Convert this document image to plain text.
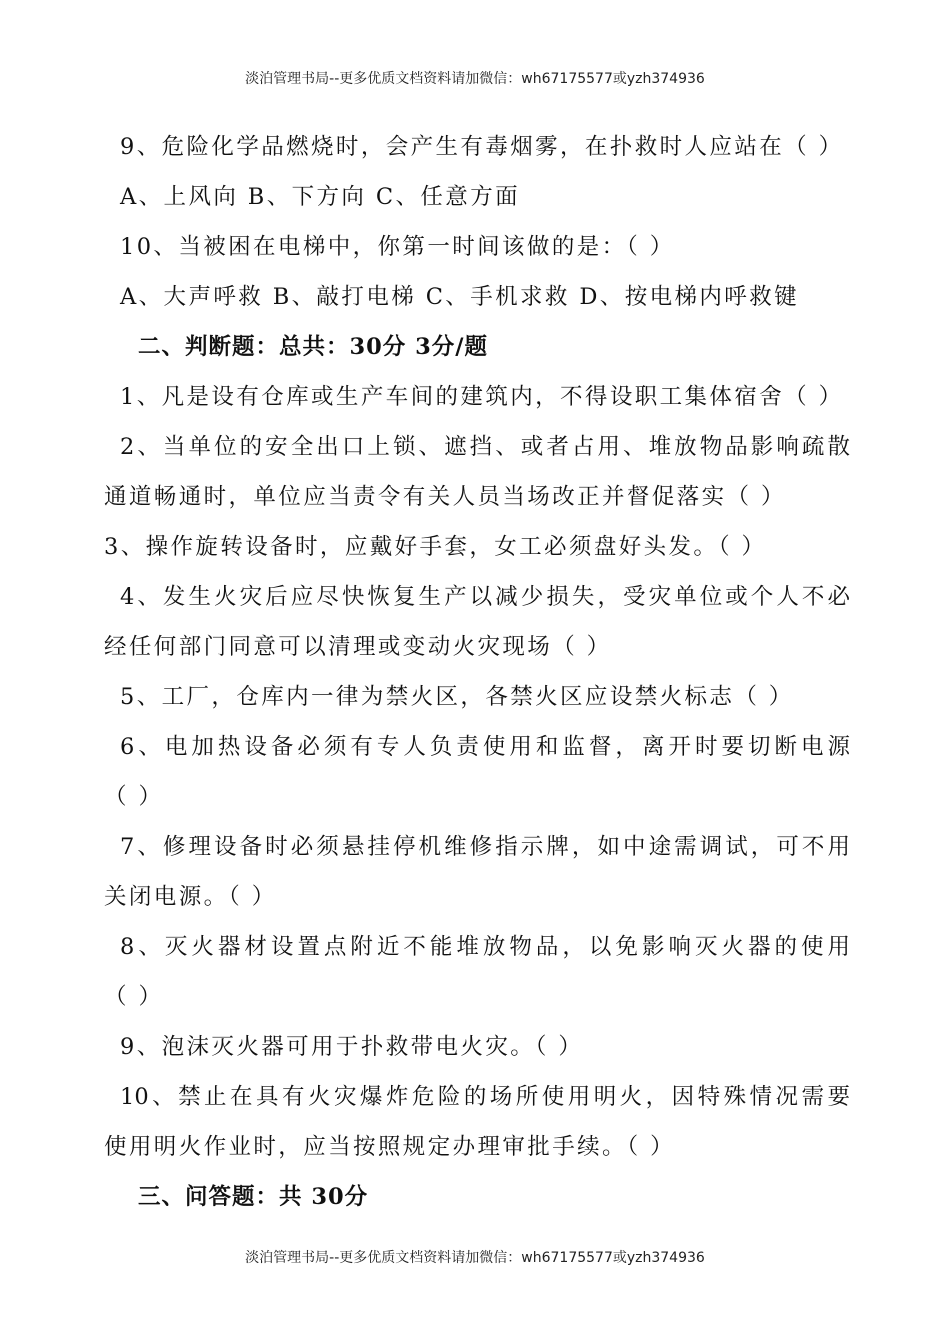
淡泊管理书局--更多优质文档资料请加微信：wh67175577或yzh374936
9、危险化学品燃烧时，会产生有毒烟雾，在扑救时人应站在（ ）
A、上风向 B、下方向 C、任意方面
10、当被困在电梯中，你第一时间该做的是：（ ）
A、大声呼救 B、敲打电梯 C、手机求救 D、按电梯内呼救键
二、判断题：总共：30分 3分/题
1、凡是设有仓库或生产车间的建筑内，不得设职工集体宿舍（ ）
2、当单位的安全出口上锁、遮挡、或者占用、堆放物品影响疏散
通道畅通时，单位应当责令有关人员当场改正并督促落实（ ）
3、操作旋转设备时，应戴好手套，女工必须盘好头发。（ ）
4、发生火灾后应尽快恢复生产以减少损失，受灾单位或个人不必
经任何部门同意可以清理或变动火灾现场（ ）
5、工厂，仓库内一律为禁火区，各禁火区应设禁火标志（ ）
6、电加热设备必须有专人负责使用和监督，离开时要切断电源
（ ）
7、修理设备时必须悬挂停机维修指示牌，如中途需调试，可不用
关闭电源。（ ）
8、灭火器材设置点附近不能堆放物品，以免影响灭火器的使用
（ ）
9、泡沫灭火器可用于扑救带电火灾。（ ）
10、禁止在具有火灾爆炸危险的场所使用明火，因特殊情况需要
使用明火作业时，应当按照规定办理审批手续。（ ）
三、问答题：共 30分
淡泊管理书局--更多优质文档资料请加微信：wh67175577或yzh374936
